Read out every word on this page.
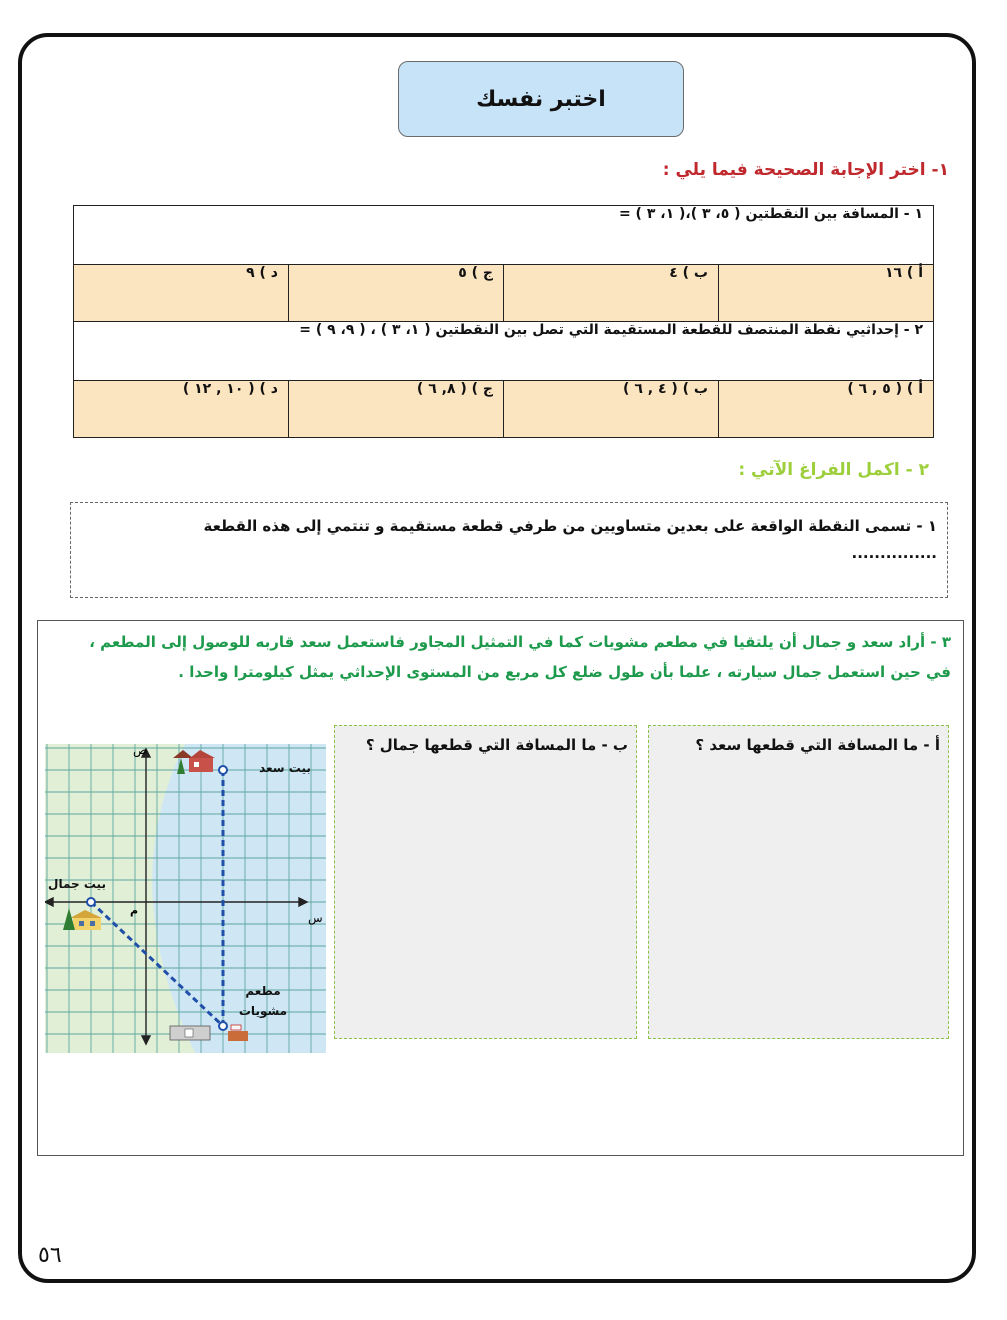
اختبر نفسك
١- اختر الإجابة الصحيحة فيما يلي :
١ - المسافة بين النقطتين ( ٥، ٣ )،( ١، ٣ ) =			
أ ) ١٦	ب ) ٤	ج ) ٥	د ) ٩
٢ - إحداثيي نقطة المنتصف للقطعة المستقيمة التي تصل بين النقطتين ( ١، ٣ ) ، ( ٩، ٩ ) =			
أ ) ( ٥ , ٦ )	ب ) ( ٤ , ٦ )	ج ) ( ٨, ٦ )	د ) ( ١٠ , ١٢ )
٢ - اكمل الفراغ الآتي :
١ - تسمى النقطة الواقعة على بعدين متساويين من طرفي قطعة مستقيمة و تنتمي إلى هذه القطعة
...............
٣ - أراد سعد و جمال أن يلتقيا في مطعم مشويات كما في التمثيل المجاور فاستعمل سعد قاربه للوصول إلى المطعم ،
في حين استعمل جمال سيارته ، علما بأن طول ضلع كل مربع من المستوى الإحداثي يمثل كيلومترا واحدا .
أ - ما المسافة التي قطعها سعد ؟
ب - ما المسافة التي قطعها جمال ؟
ص
س
م
بيت سعد
بيت جمال
مطعم
مشويات
٥٦
